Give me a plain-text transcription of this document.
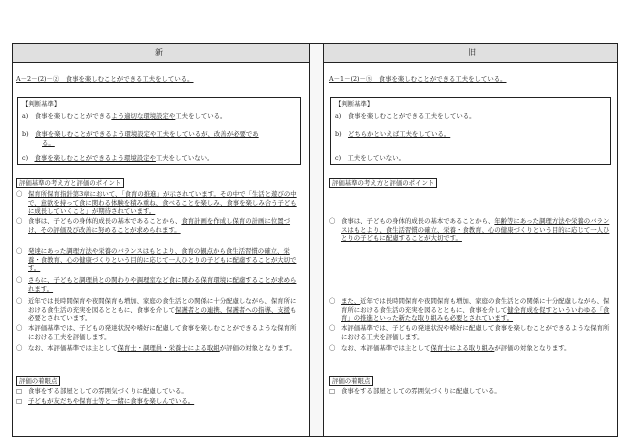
新	旧
A－2－(2)－②　食事を楽しむことができる工夫をしている。
【判断基準】
a)　食事を楽しむことができるよう適切な環境設定や工夫をしている。
b)　食事を楽しむことができるよう環境設定や工夫をしているが、改善が必要であ
る。
c)　食事を楽しむことができるよう環境設定や工夫をしていない。
評価基準の考え方と評価のポイント
〇 保育所保育指針第3章において、「食育の推進」が示されています。その中で「生活と遊びの中で、意欲を持って食に関わる体験を積み重ね、食べることを楽しみ、食事を楽しみ合う子どもに成長していくこと」が期待されています。
〇 食事は、子どもの身体的成長の基本であることから、食育計画を作成し保育の計画に位置づけ、その評価及び改善に努めることが求められます。
〇 発達にあった調理方法や栄養のバランスはもとより、食育の観点から食生活習慣の確立、栄養・食教育、心の健康づくりという目的に応じて一人ひとりの子どもに配慮することが大切です。
〇 さらに、子どもと調理員との関わりや調理室など食に関わる保育環境に配慮することが求められます。
〇 近年では長時間保育や夜間保育も増加、家庭の食生活との関係に十分配慮しながら、保育所における食生活の充実を図るとともに、食事を介して保護者との連携、保護者への指導、支援も必要とされています。
〇 本評価基準では、子どもの発達状況や嗜好に配慮して食事を楽しむことができるような保育所における工夫を評価します。
〇 なお、本評価基準では主として保育士・調理員・栄養士による取組が評価の対象となります。
評価の着眼点
□ 食事をする部屋としての雰囲気づくりに配慮している。
□ 子どもが友だちや保育士等と一緒に食事を楽しんでいる。
A－1－(2)－⑤　食事を楽しむことができる工夫をしている。
【判断基準】
a)　食事を楽しむことができる工夫をしている。
b)　どちらかといえば工夫をしている。
c)　工夫をしていない。
評価基準の考え方と評価のポイント
〇 食事は、子どもの身体的成長の基本であることから、年齢等にあった調理方法や栄養のバランスはもとより、食生活習慣の確立、栄養・食教育、心の健康づくりという目的に応じて一人ひとりの子どもに配慮することが大切です。
〇 また、近年では長時間保育や夜間保育も増加、家庭の食生活との関係に十分配慮しながら、保育所における食生活の充実を図るとともに、食事を介して健全育成を促すといういわゆる「食育」の推進といった新たな取り組みも必要とされています。
〇 本評価基準では、子どもの発達状況や嗜好に配慮して食事を楽しむことができるような保育所における工夫を評価します。
〇 なお、本評価基準では主として保育士による取り組みが評価の対象となります。
評価の着眼点
□ 食事をする部屋としての雰囲気づくりに配慮している。
